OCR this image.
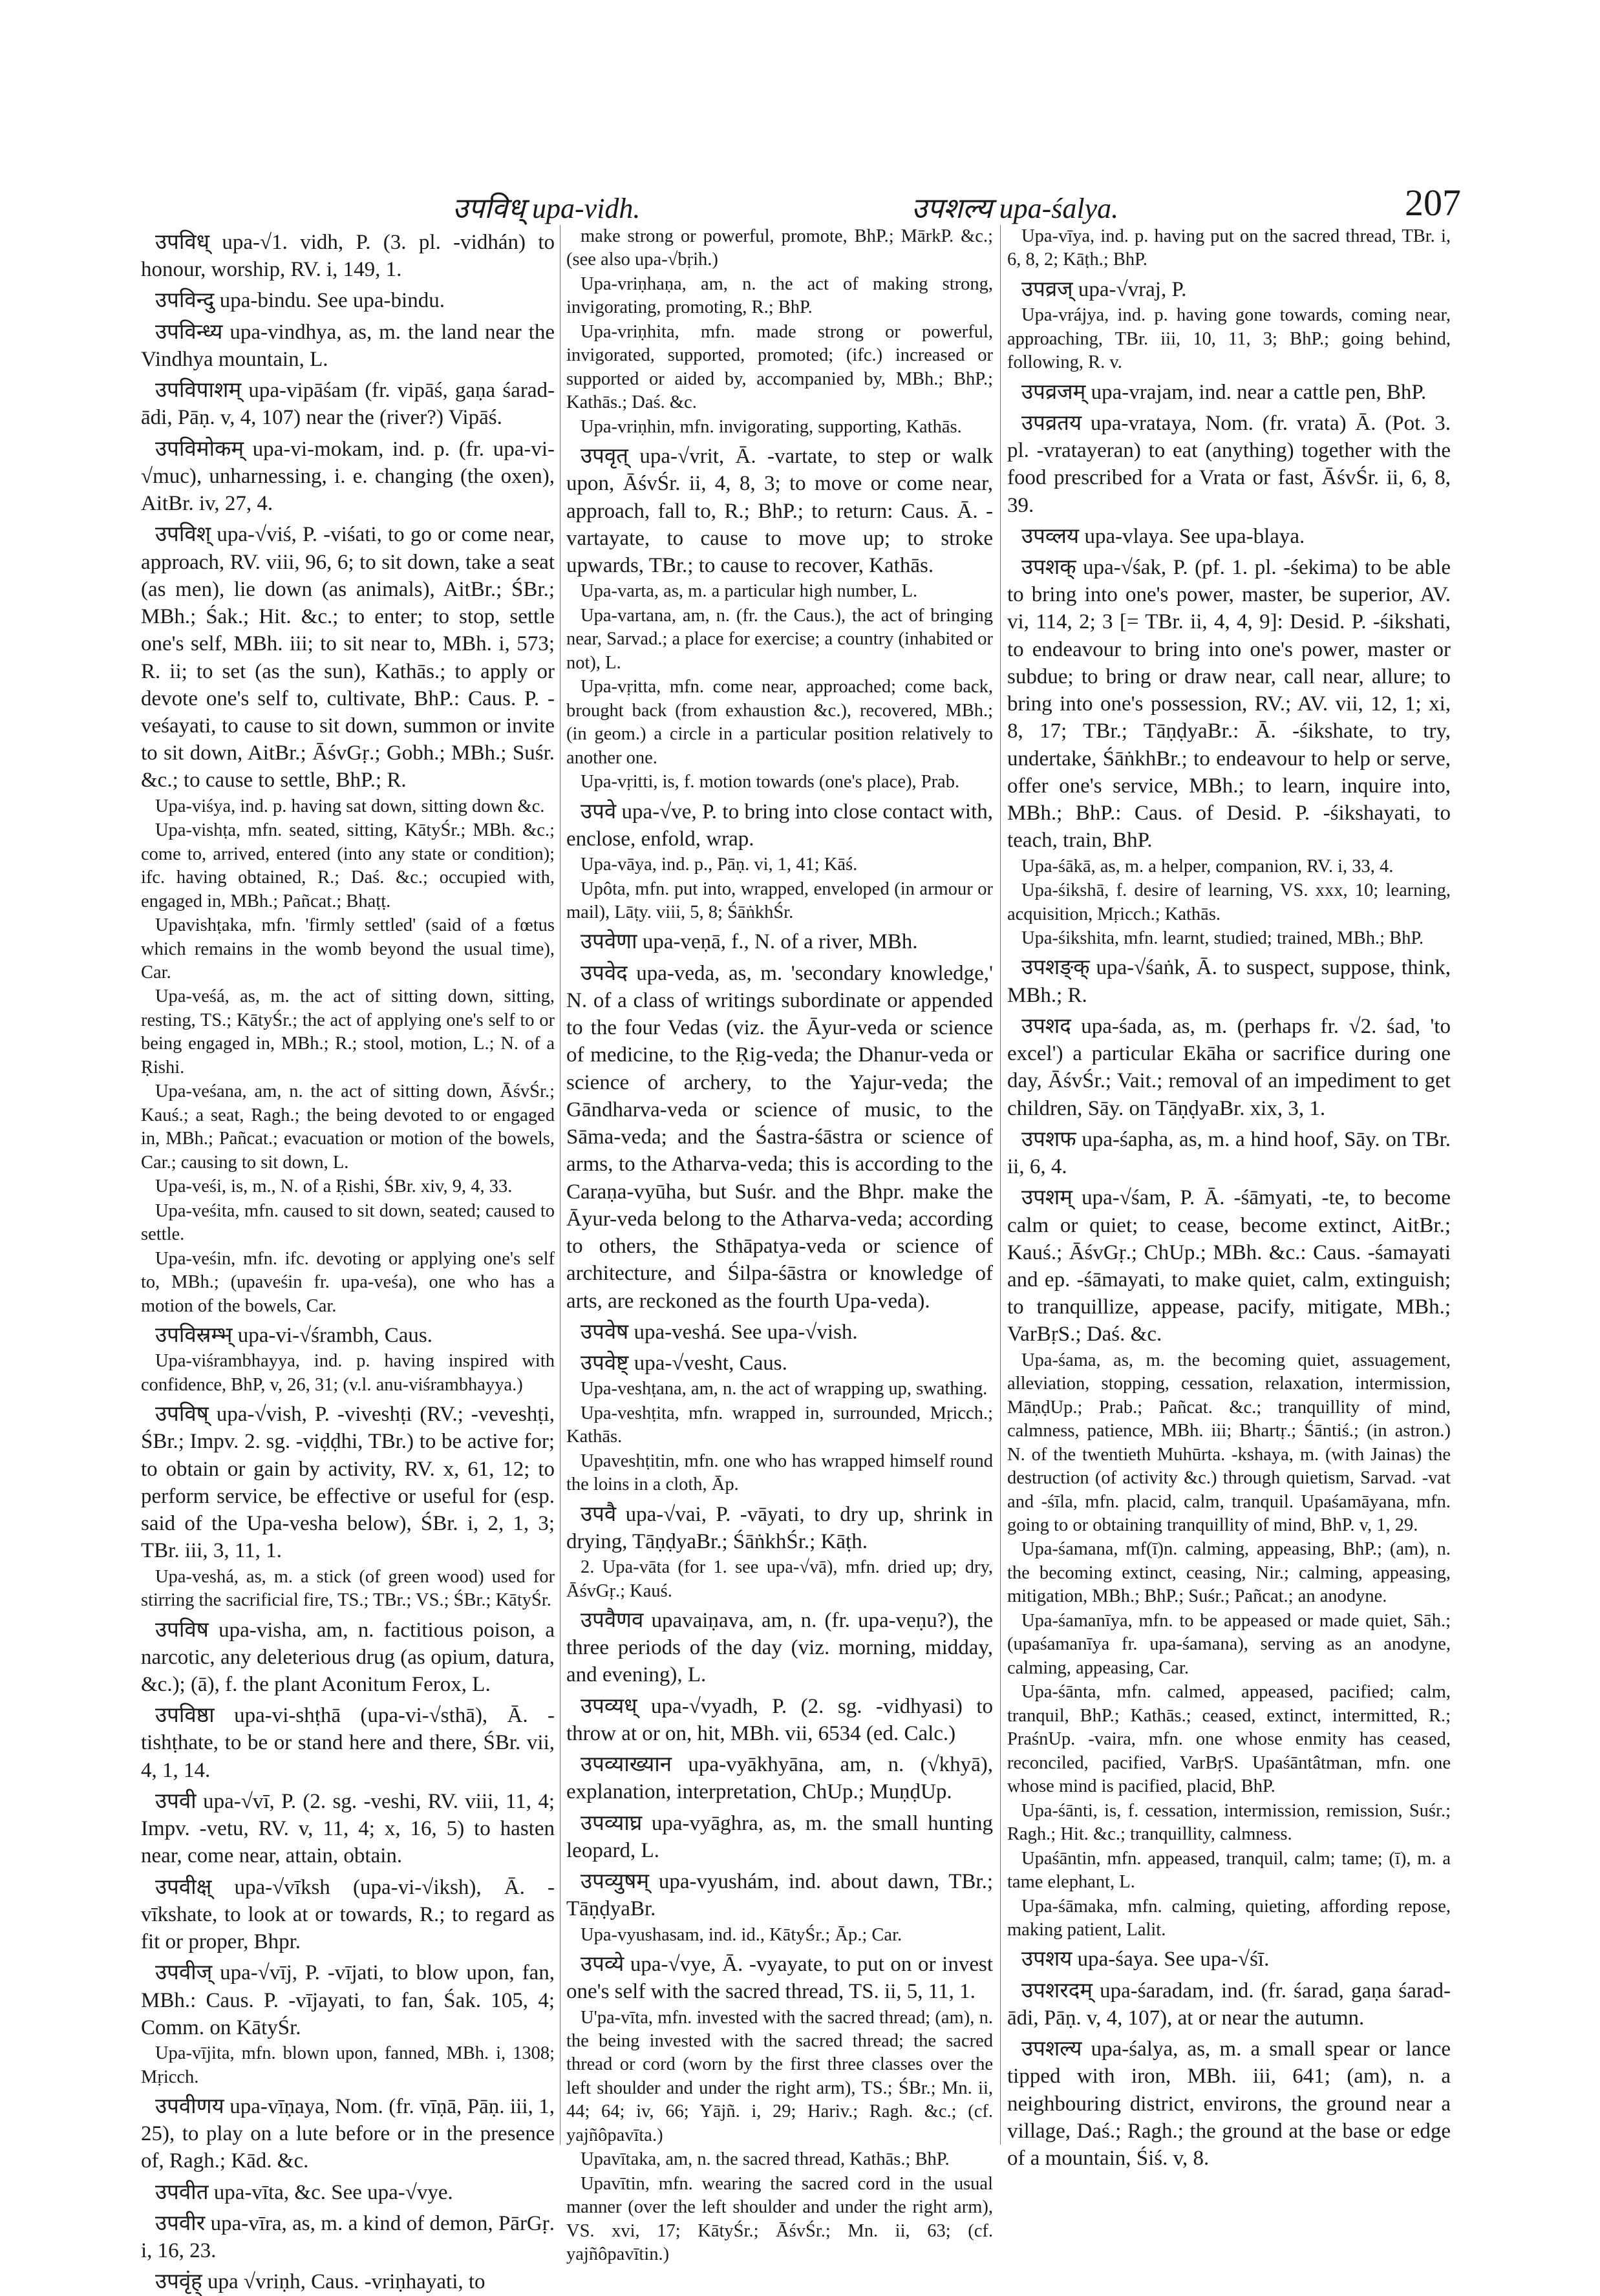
उपविध् upa-vidh.	उपशल्य upa-śalya.	207

उपविध् upa-√1. vidh, P. (3. pl. -vidhán) to honour, worship, RV. i, 149, 1.

उपविन्दु upa-bindu. See upa-bindu.

उपविन्ध्य upa-vindhya, as, m. the land near the Vindhya mountain, L.

उपविपाशम् upa-vipāśam (fr. vipāś, gaṇa śarad-ādi, Pāṇ. v, 4, 107) near the (river?) Vipāś.

उपविमोकम् upa-vi-mokam, ind. p. (fr. upa-vi-√muc), unharnessing, i. e. changing (the oxen), AitBr. iv, 27, 4.

उपविश् upa-√viś, P. -viśati, to go or come near, approach, RV. viii, 96, 6; to sit down, take a seat (as men), lie down (as animals), AitBr.; ŚBr.; MBh.; Śak.; Hit. &c.; to enter; to stop, settle one's self, MBh. iii; to sit near to, MBh. i, 573; R. ii; to set (as the sun), Kathās.; to apply or devote one's self to, cultivate, BhP.: Caus. P. -veśayati, to cause to sit down, summon or invite to sit down, AitBr.; ĀśvGṛ.; Gobh.; MBh.; Suśr. &c.; to cause to settle, BhP.; R.

Upa-viśya, ind. p. having sat down, sitting down &c.

Upa-vishṭa, mfn. seated, sitting, KātyŚr.; MBh. &c.; come to, arrived, entered (into any state or condition); ifc. having obtained, R.; Daś. &c.; occupied with, engaged in, MBh.; Pañcat.; Bhaṭṭ.

Upavishṭaka, mfn. 'firmly settled' (said of a fœtus which remains in the womb beyond the usual time), Car.

Upa-veśá, as, m. the act of sitting down, sitting, resting, TS.; KātyŚr.; the act of applying one's self to or being engaged in, MBh.; R.; stool, motion, L.; N. of a Ṛishi.

Upa-veśana, am, n. the act of sitting down, ĀśvŚr.; Kauś.; a seat, Ragh.; the being devoted to or engaged in, MBh.; Pañcat.; evacuation or motion of the bowels, Car.; causing to sit down, L.

Upa-veśi, is, m., N. of a Ṛishi, ŚBr. xiv, 9, 4, 33.

Upa-veśita, mfn. caused to sit down, seated; caused to settle.

Upa-veśin, mfn. ifc. devoting or applying one's self to, MBh.; (upaveśin fr. upa-veśa), one who has a motion of the bowels, Car.

उपविस्रम्भ् upa-vi-√śrambh, Caus.

Upa-viśrambhayya, ind. p. having inspired with confidence, BhP, v, 26, 31; (v.l. anu-viśrambhayya.)

उपविष् upa-√vish, P. -viveshṭi (RV.; -veveshṭi, ŚBr.; Impv. 2. sg. -viḍḍhi, TBr.) to be active for; to obtain or gain by activity, RV. x, 61, 12; to perform service, be effective or useful for (esp. said of the Upa-vesha below), ŚBr. i, 2, 1, 3; TBr. iii, 3, 11, 1.

Upa-veshá, as, m. a stick (of green wood) used for stirring the sacrificial fire, TS.; TBr.; VS.; ŚBr.; KātyŚr.

उपविष upa-visha, am, n. factitious poison, a narcotic, any deleterious drug (as opium, datura, &c.); (ā), f. the plant Aconitum Ferox, L.

उपविष्ठा upa-vi-shṭhā (upa-vi-√sthā), Ā. -tishṭhate, to be or stand here and there, ŚBr. vii, 4, 1, 14.

उपवी upa-√vī, P. (2. sg. -veshi, RV. viii, 11, 4; Impv. -vetu, RV. v, 11, 4; x, 16, 5) to hasten near, come near, attain, obtain.

उपवीक्ष् upa-√vīksh (upa-vi-√iksh), Ā. -vīkshate, to look at or towards, R.; to regard as fit or proper, Bhpr.

उपवीज् upa-√vīj, P. -vījati, to blow upon, fan, MBh.: Caus. P. -vījayati, to fan, Śak. 105, 4; Comm. on KātyŚr.

Upa-vījita, mfn. blown upon, fanned, MBh. i, 1308; Mṛicch.

उपवीणय upa-vīṇaya, Nom. (fr. vīṇā, Pāṇ. iii, 1, 25), to play on a lute before or in the presence of, Ragh.; Kād. &c.

उपवीत upa-vīta, &c. See upa-√vye.

उपवीर upa-vīra, as, m. a kind of demon, PārGṛ. i, 16, 23.

उपवृंह् upa √vriṇh, Caus. -vriṇhayati, to

make strong or powerful, promote, BhP.; MārkP. &c.; (see also upa-√bṛih.)

Upa-vriṇhaṇa, am, n. the act of making strong, invigorating, promoting, R.; BhP.

Upa-vriṇhita, mfn. made strong or powerful, invigorated, supported, promoted; (ifc.) increased or supported or aided by, accompanied by, MBh.; BhP.; Kathās.; Daś. &c.

Upa-vriṇhin, mfn. invigorating, supporting, Kathās.

उपवृत् upa-√vrit, Ā. -vartate, to step or walk upon, ĀśvŚr. ii, 4, 8, 3; to move or come near, approach, fall to, R.; BhP.; to return: Caus. Ā. -vartayate, to cause to move up; to stroke upwards, TBr.; to cause to recover, Kathās.

Upa-varta, as, m. a particular high number, L.

Upa-vartana, am, n. (fr. the Caus.), the act of bringing near, Sarvad.; a place for exercise; a country (inhabited or not), L.

Upa-vṛitta, mfn. come near, approached; come back, brought back (from exhaustion &c.), recovered, MBh.; (in geom.) a circle in a particular position relatively to another one.

Upa-vṛitti, is, f. motion towards (one's place), Prab.

उपवे upa-√ve, P. to bring into close contact with, enclose, enfold, wrap.

Upa-vāya, ind. p., Pāṇ. vi, 1, 41; Kāś.

Upôta, mfn. put into, wrapped, enveloped (in armour or mail), Lāṭy. viii, 5, 8; ŚāṅkhŚr.

उपवेणा upa-veṇā, f., N. of a river, MBh.

उपवेद upa-veda, as, m. 'secondary knowledge,' N. of a class of writings subordinate or appended to the four Vedas (viz. the Āyur-veda or science of medicine, to the Ṛig-veda; the Dhanur-veda or science of archery, to the Yajur-veda; the Gāndharva-veda or science of music, to the Sāma-veda; and the Śastra-śāstra or science of arms, to the Atharva-veda; this is according to the Caraṇa-vyūha, but Suśr. and the Bhpr. make the Āyur-veda belong to the Atharva-veda; according to others, the Sthāpatya-veda or science of architecture, and Śilpa-śāstra or knowledge of arts, are reckoned as the fourth Upa-veda).

उपवेष upa-veshá. See upa-√vish.

उपवेष्ट् upa-√vesht, Caus.

Upa-veshṭana, am, n. the act of wrapping up, swathing.

Upa-veshṭita, mfn. wrapped in, surrounded, Mṛicch.; Kathās.

Upaveshṭitin, mfn. one who has wrapped himself round the loins in a cloth, Āp.

उपवै upa-√vai, P. -vāyati, to dry up, shrink in drying, TāṇḍyaBr.; ŚāṅkhŚr.; Kāṭh.

2. Upa-vāta (for 1. see upa-√vā), mfn. dried up; dry, ĀśvGṛ.; Kauś.

उपवैणव upavaiṇava, am, n. (fr. upa-veṇu?), the three periods of the day (viz. morning, midday, and evening), L.

उपव्यध् upa-√vyadh, P. (2. sg. -vidhyasi) to throw at or on, hit, MBh. vii, 6534 (ed. Calc.)

उपव्याख्यान upa-vyākhyāna, am, n. (√khyā), explanation, interpretation, ChUp.; MuṇḍUp.

उपव्याघ्र upa-vyāghra, as, m. the small hunting leopard, L.

उपव्युषम् upa-vyushám, ind. about dawn, TBr.; TāṇḍyaBr.

Upa-vyushasam, ind. id., KātyŚr.; Āp.; Car.

उपव्ये upa-√vye, Ā. -vyayate, to put on or invest one's self with the sacred thread, TS. ii, 5, 11, 1.

U'pa-vīta, mfn. invested with the sacred thread; (am), n. the being invested with the sacred thread; the sacred thread or cord (worn by the first three classes over the left shoulder and under the right arm), TS.; ŚBr.; Mn. ii, 44; 64; iv, 66; Yājñ. i, 29; Hariv.; Ragh. &c.; (cf. yajñôpavīta.)

Upavītaka, am, n. the sacred thread, Kathās.; BhP.

Upavītin, mfn. wearing the sacred cord in the usual manner (over the left shoulder and under the right arm), VS. xvi, 17; KātyŚr.; ĀśvŚr.; Mn. ii, 63; (cf. yajñôpavītin.)

Upa-vīya, ind. p. having put on the sacred thread, TBr. i, 6, 8, 2; Kāṭh.; BhP.

उपव्रज् upa-√vraj, P.

Upa-vrájya, ind. p. having gone towards, coming near, approaching, TBr. iii, 10, 11, 3; BhP.; going behind, following, R. v.

उपव्रजम् upa-vrajam, ind. near a cattle pen, BhP.

उपव्रतय upa-vrataya, Nom. (fr. vrata) Ā. (Pot. 3. pl. -vratayeran) to eat (anything) together with the food prescribed for a Vrata or fast, ĀśvŚr. ii, 6, 8, 39.

उपव्लय upa-vlaya. See upa-blaya.

उपशक् upa-√śak, P. (pf. 1. pl. -śekima) to be able to bring into one's power, master, be superior, AV. vi, 114, 2; 3 [= TBr. ii, 4, 4, 9]: Desid. P. -śikshati, to endeavour to bring into one's power, master or subdue; to bring or draw near, call near, allure; to bring into one's possession, RV.; AV. vii, 12, 1; xi, 8, 17; TBr.; TāṇḍyaBr.: Ā. -śikshate, to try, undertake, ŚāṅkhBr.; to endeavour to help or serve, offer one's service, MBh.; to learn, inquire into, MBh.; BhP.: Caus. of Desid. P. -śikshayati, to teach, train, BhP.

Upa-śākā, as, m. a helper, companion, RV. i, 33, 4.

Upa-śikshā, f. desire of learning, VS. xxx, 10; learning, acquisition, Mṛicch.; Kathās.

Upa-śikshita, mfn. learnt, studied; trained, MBh.; BhP.

उपशङ्क् upa-√śaṅk, Ā. to suspect, suppose, think, MBh.; R.

उपशद upa-śada, as, m. (perhaps fr. √2. śad, 'to excel') a particular Ekāha or sacrifice during one day, ĀśvŚr.; Vait.; removal of an impediment to get children, Sāy. on TāṇḍyaBr. xix, 3, 1.

उपशफ upa-śapha, as, m. a hind hoof, Sāy. on TBr. ii, 6, 4.

उपशम् upa-√śam, P. Ā. -śāmyati, -te, to become calm or quiet; to cease, become extinct, AitBr.; Kauś.; ĀśvGṛ.; ChUp.; MBh. &c.: Caus. -śamayati and ep. -śāmayati, to make quiet, calm, extinguish; to tranquillize, appease, pacify, mitigate, MBh.; VarBṛS.; Daś. &c.

Upa-śama, as, m. the becoming quiet, assuagement, alleviation, stopping, cessation, relaxation, intermission, MāṇḍUp.; Prab.; Pañcat. &c.; tranquillity of mind, calmness, patience, MBh. iii; Bhartṛ.; Śāntiś.; (in astron.) N. of the twentieth Muhūrta. -kshaya, m. (with Jainas) the destruction (of activity &c.) through quietism, Sarvad. -vat and -śīla, mfn. placid, calm, tranquil. Upaśamāyana, mfn. going to or obtaining tranquillity of mind, BhP. v, 1, 29.

Upa-śamana, mf(ī)n. calming, appeasing, BhP.; (am), n. the becoming extinct, ceasing, Nir.; calming, appeasing, mitigation, MBh.; BhP.; Suśr.; Pañcat.; an anodyne.

Upa-śamanīya, mfn. to be appeased or made quiet, Sāh.; (upaśamanīya fr. upa-śamana), serving as an anodyne, calming, appeasing, Car.

Upa-śānta, mfn. calmed, appeased, pacified; calm, tranquil, BhP.; Kathās.; ceased, extinct, intermitted, R.; PraśnUp. -vaira, mfn. one whose enmity has ceased, reconciled, pacified, VarBṛS. Upaśāntâtman, mfn. one whose mind is pacified, placid, BhP.

Upa-śānti, is, f. cessation, intermission, remission, Suśr.; Ragh.; Hit. &c.; tranquillity, calmness.

Upaśāntin, mfn. appeased, tranquil, calm; tame; (ī), m. a tame elephant, L.

Upa-śāmaka, mfn. calming, quieting, affording repose, making patient, Lalit.

उपशय upa-śaya. See upa-√śī.

उपशरदम् upa-śaradam, ind. (fr. śarad, gaṇa śarad-ādi, Pāṇ. v, 4, 107), at or near the autumn.

उपशल्य upa-śalya, as, m. a small spear or lance tipped with iron, MBh. iii, 641; (am), n. a neighbouring district, environs, the ground near a village, Daś.; Ragh.; the ground at the base or edge of a mountain, Śiś. v, 8.
